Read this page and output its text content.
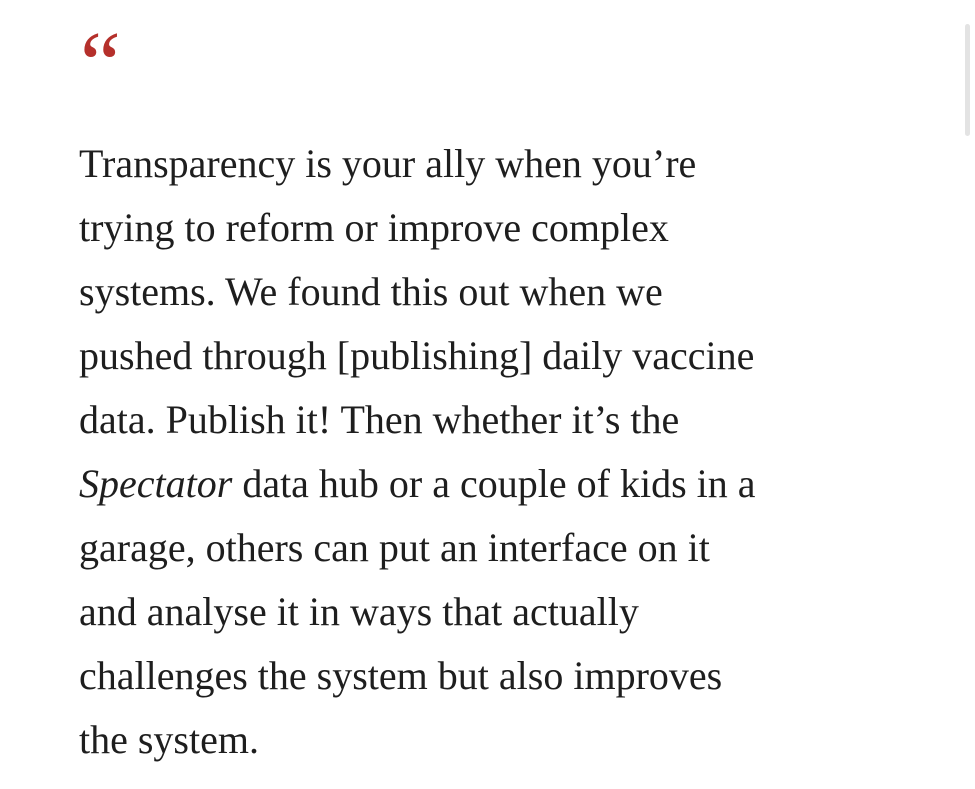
“

Transparency is your ally when you’re
trying to reform or improve complex
systems. We found this out when we
pushed through [publishing] daily vaccine
data. Publish it! Then whether it’s the
Spectator data hub or a couple of kids in a
garage, others can put an interface on it
and analyse it in ways that actually
challenges the system but also improves
the system.
